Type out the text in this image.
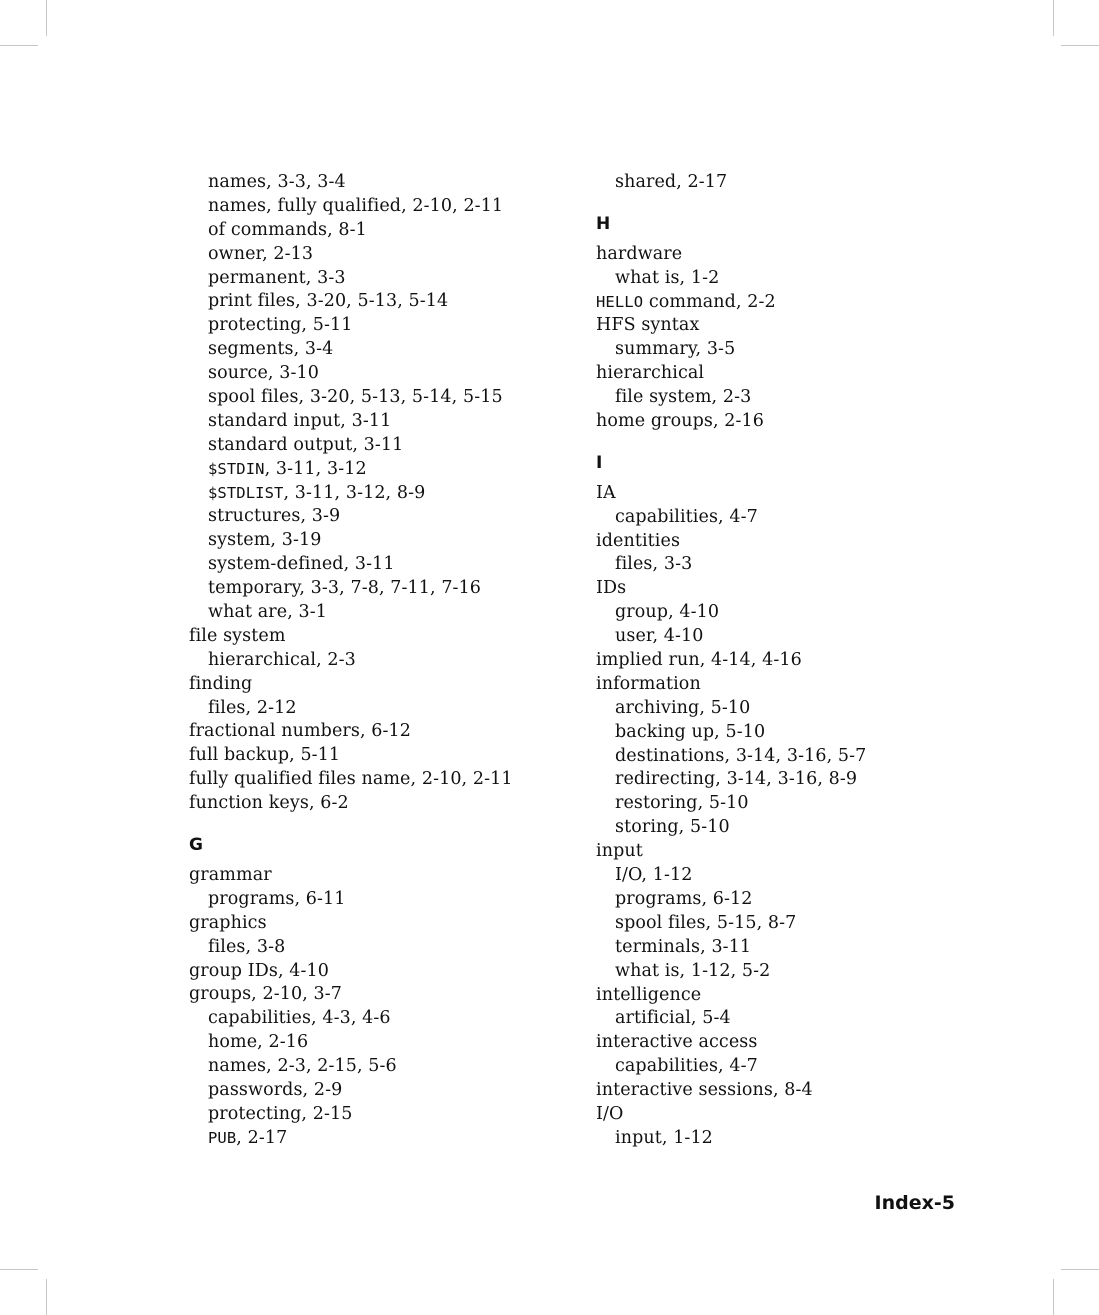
names, 3-3, 3-4
names, fully qualified, 2-10, 2-11
of commands, 8-1
owner, 2-13
permanent, 3-3
print files, 3-20, 5-13, 5-14
protecting, 5-11
segments, 3-4
source, 3-10
spool files, 3-20, 5-13, 5-14, 5-15
standard input, 3-11
standard output, 3-11
$STDIN, 3-11, 3-12
$STDLIST, 3-11, 3-12, 8-9
structures, 3-9
system, 3-19
system-defined, 3-11
temporary, 3-3, 7-8, 7-11, 7-16
what are, 3-1
file system
hierarchical, 2-3
finding
files, 2-12
fractional numbers, 6-12
full backup, 5-11
fully qualified files name, 2-10, 2-11
function keys, 6-2
G
grammar
programs, 6-11
graphics
files, 3-8
group IDs, 4-10
groups, 2-10, 3-7
capabilities, 4-3, 4-6
home, 2-16
names, 2-3, 2-15, 5-6
passwords, 2-9
protecting, 2-15
PUB, 2-17
shared, 2-17
H
hardware
what is, 1-2
HELLO command, 2-2
HFS syntax
summary, 3-5
hierarchical
file system, 2-3
home groups, 2-16
I
IA
capabilities, 4-7
identities
files, 3-3
IDs
group, 4-10
user, 4-10
implied run, 4-14, 4-16
information
archiving, 5-10
backing up, 5-10
destinations, 3-14, 3-16, 5-7
redirecting, 3-14, 3-16, 8-9
restoring, 5-10
storing, 5-10
input
I/O, 1-12
programs, 6-12
spool files, 5-15, 8-7
terminals, 3-11
what is, 1-12, 5-2
intelligence
artificial, 5-4
interactive access
capabilities, 4-7
interactive sessions, 8-4
I/O
input, 1-12
Index-5
